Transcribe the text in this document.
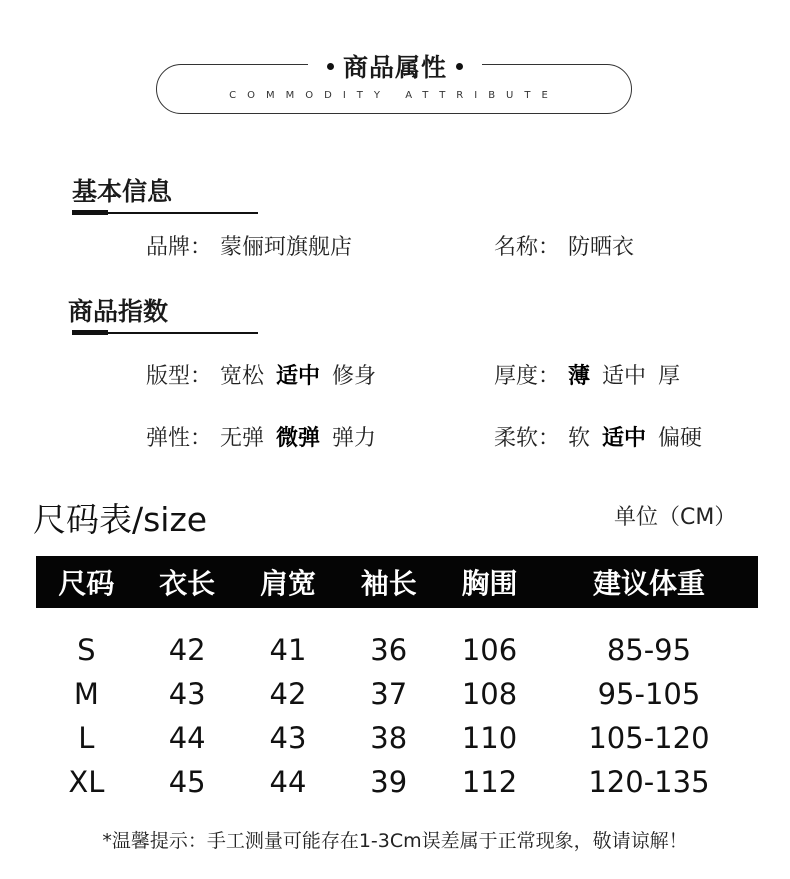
商品属性
COMMODITY ATTRIBUTE
基本信息
品牌： 蒙俪珂旗舰店	名称： 防晒衣
商品指数
版型： 宽松 适中 修身	厚度： 薄 适中 厚
弹性： 无弹 微弹 弹力	柔软： 软 适中 偏硬
尺码表/size	单位（CM）
尺码	衣长	肩宽	袖长	胸围	建议体重
S	42	41	36	106	85-95
M	43	42	37	108	95-105
L	44	43	38	110	105-120
XL	45	44	39	112	120-135
*温馨提示：手工测量可能存在1-3Cm误差属于正常现象，敬请谅解！
